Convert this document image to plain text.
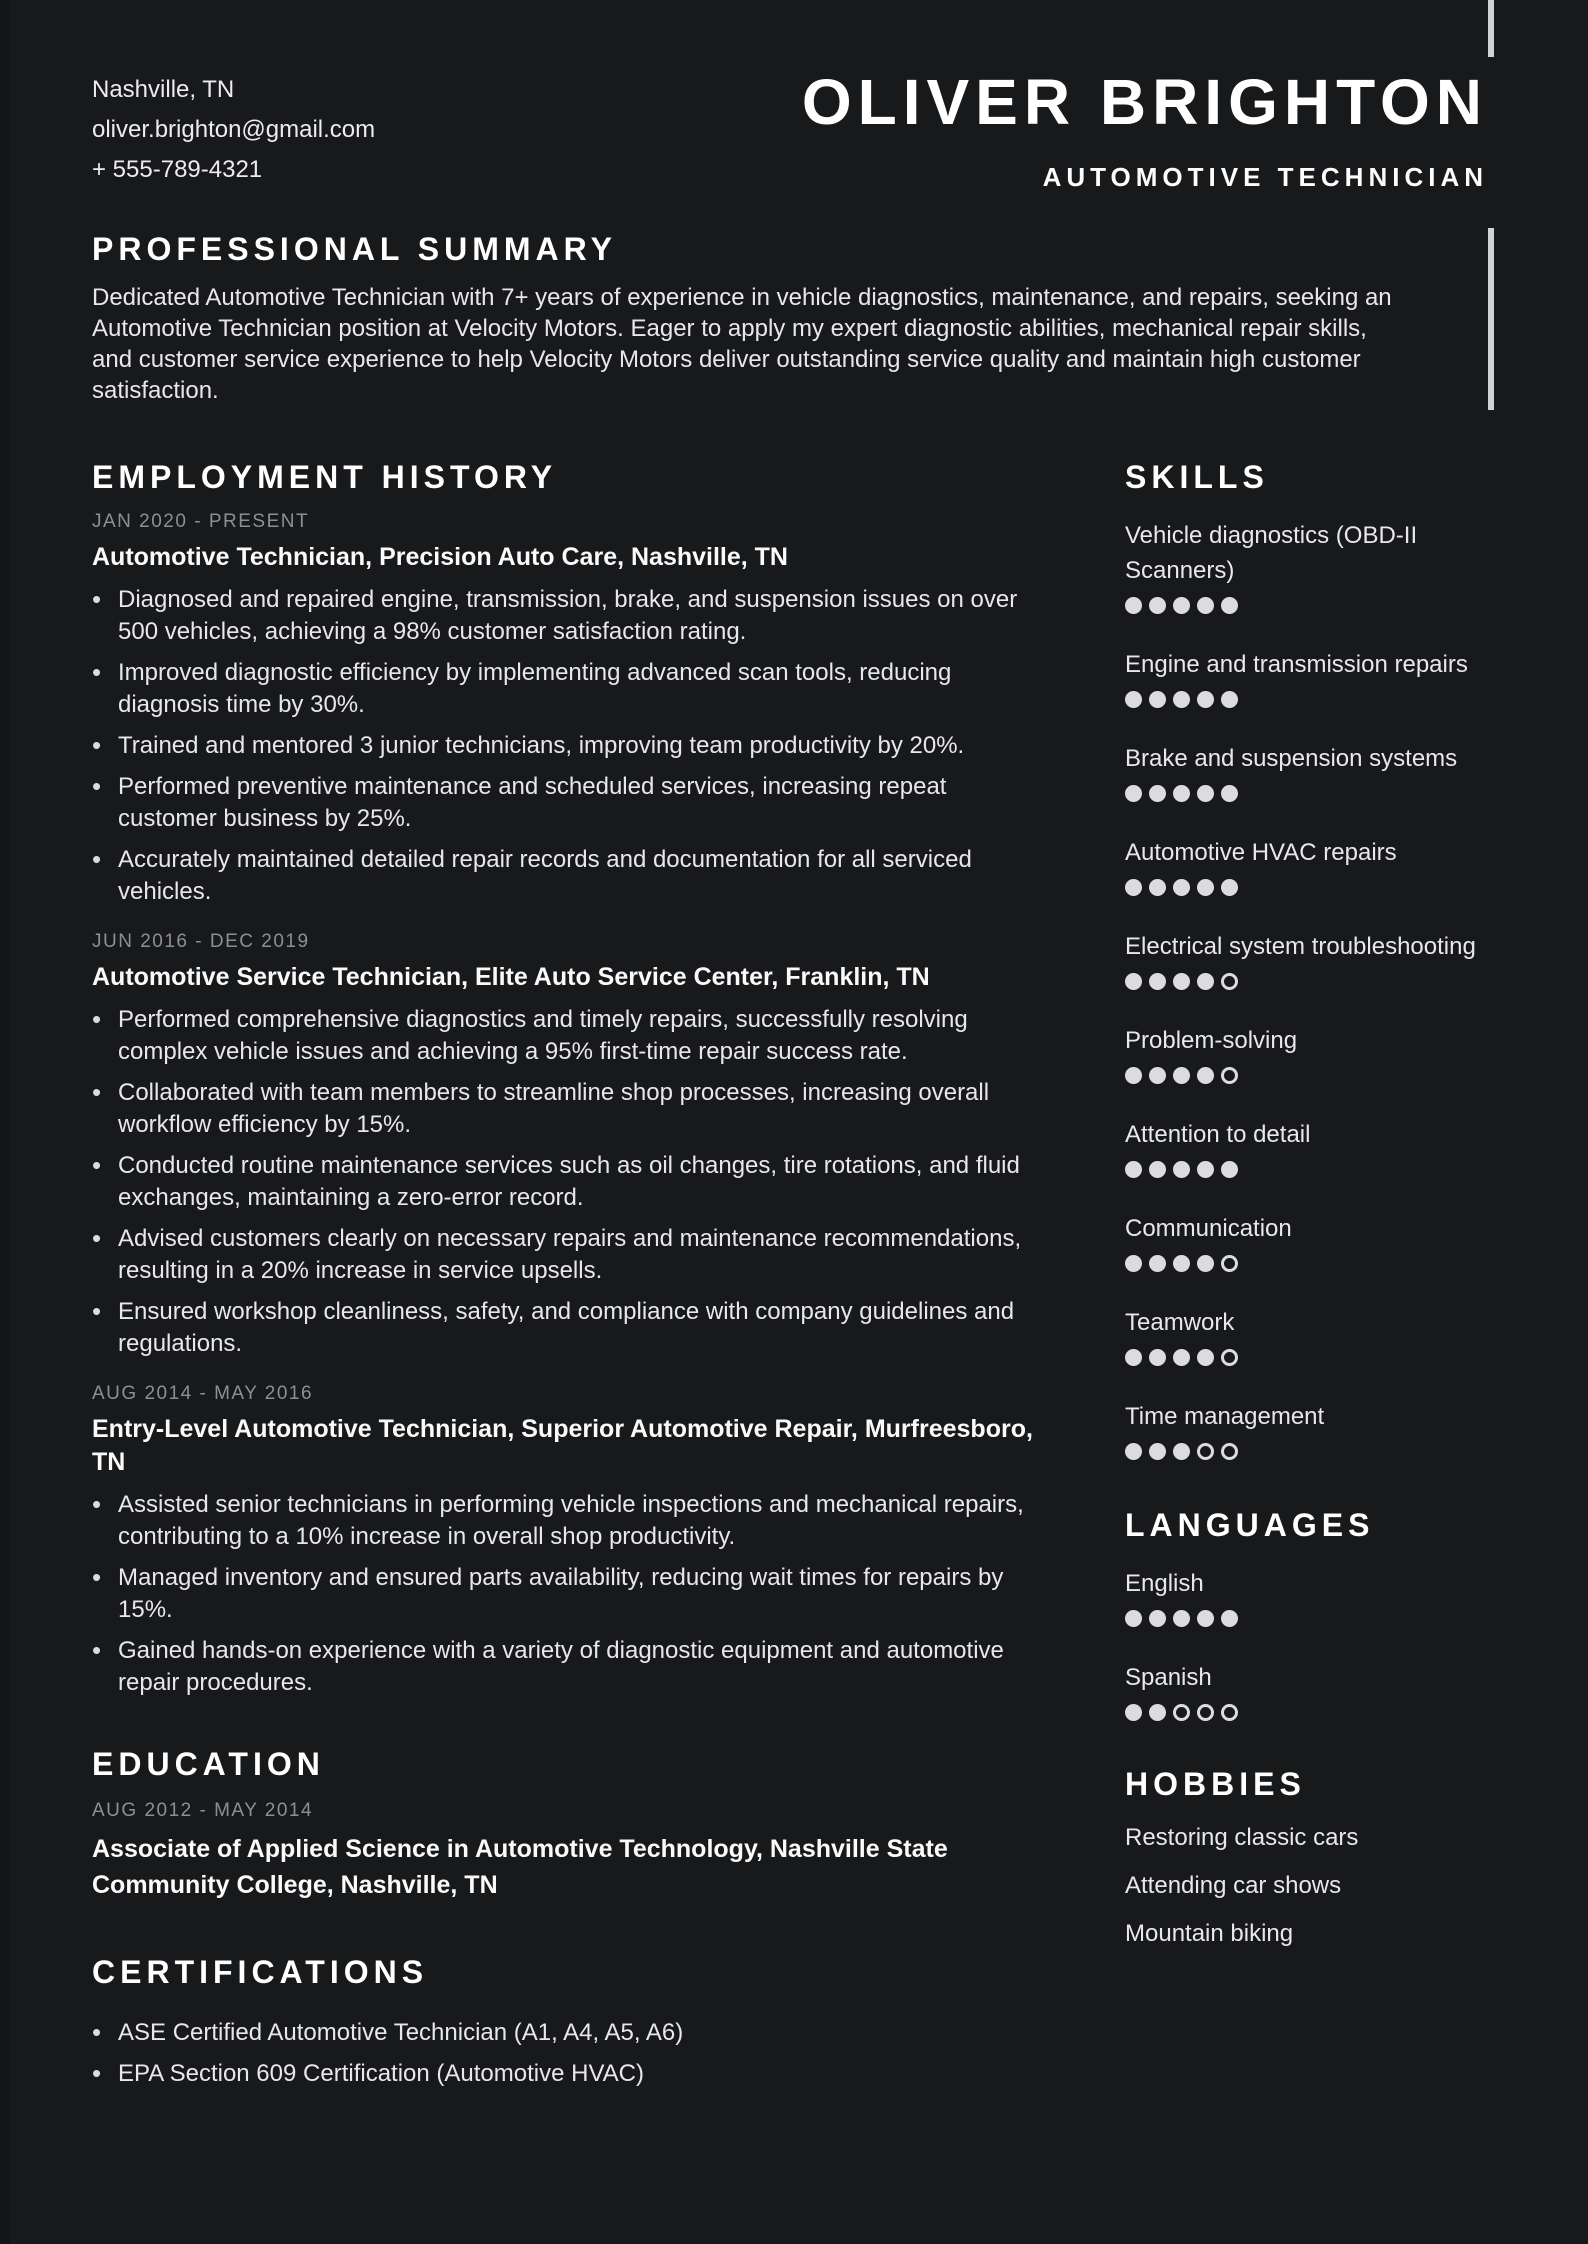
Nashville, TN
oliver.brighton@gmail.com
+ 555-789-4321
OLIVER BRIGHTON
AUTOMOTIVE TECHNICIAN
PROFESSIONAL SUMMARY

Dedicated Automotive Technician with 7+ years of experience in vehicle diagnostics, maintenance, and repairs, seeking an Automotive Technician position at Velocity Motors. Eager to apply my expert diagnostic abilities, mechanical repair skills, and customer service experience to help Velocity Motors deliver outstanding service quality and maintain high customer satisfaction.

EMPLOYMENT HISTORY
JAN 2020 - PRESENT
Automotive Technician, Precision Auto Care, Nashville, TN
• Diagnosed and repaired engine, transmission, brake, and suspension issues on over 500 vehicles, achieving a 98% customer satisfaction rating.
• Improved diagnostic efficiency by implementing advanced scan tools, reducing diagnosis time by 30%.
• Trained and mentored 3 junior technicians, improving team productivity by 20%.
• Performed preventive maintenance and scheduled services, increasing repeat customer business by 25%.
• Accurately maintained detailed repair records and documentation for all serviced vehicles.
JUN 2016 - DEC 2019
Automotive Service Technician, Elite Auto Service Center, Franklin, TN
• Performed comprehensive diagnostics and timely repairs, successfully resolving complex vehicle issues and achieving a 95% first-time repair success rate.
• Collaborated with team members to streamline shop processes, increasing overall workflow efficiency by 15%.
• Conducted routine maintenance services such as oil changes, tire rotations, and fluid exchanges, maintaining a zero-error record.
• Advised customers clearly on necessary repairs and maintenance recommendations, resulting in a 20% increase in service upsells.
• Ensured workshop cleanliness, safety, and compliance with company guidelines and regulations.
AUG 2014 - MAY 2016
Entry-Level Automotive Technician, Superior Automotive Repair, Murfreesboro, TN
• Assisted senior technicians in performing vehicle inspections and mechanical repairs, contributing to a 10% increase in overall shop productivity.
• Managed inventory and ensured parts availability, reducing wait times for repairs by 15%.
• Gained hands-on experience with a variety of diagnostic equipment and automotive repair procedures.
EDUCATION
AUG 2012 - MAY 2014
Associate of Applied Science in Automotive Technology, Nashville State Community College, Nashville, TN
CERTIFICATIONS
• ASE Certified Automotive Technician (A1, A4, A5, A6)
• EPA Section 609 Certification (Automotive HVAC)
SKILLS
Vehicle diagnostics (OBD-II Scanners)
Engine and transmission repairs
Brake and suspension systems
Automotive HVAC repairs
Electrical system troubleshooting
Problem-solving
Attention to detail
Communication
Teamwork
Time management
LANGUAGES
English
Spanish
HOBBIES
Restoring classic cars
Attending car shows
Mountain biking
